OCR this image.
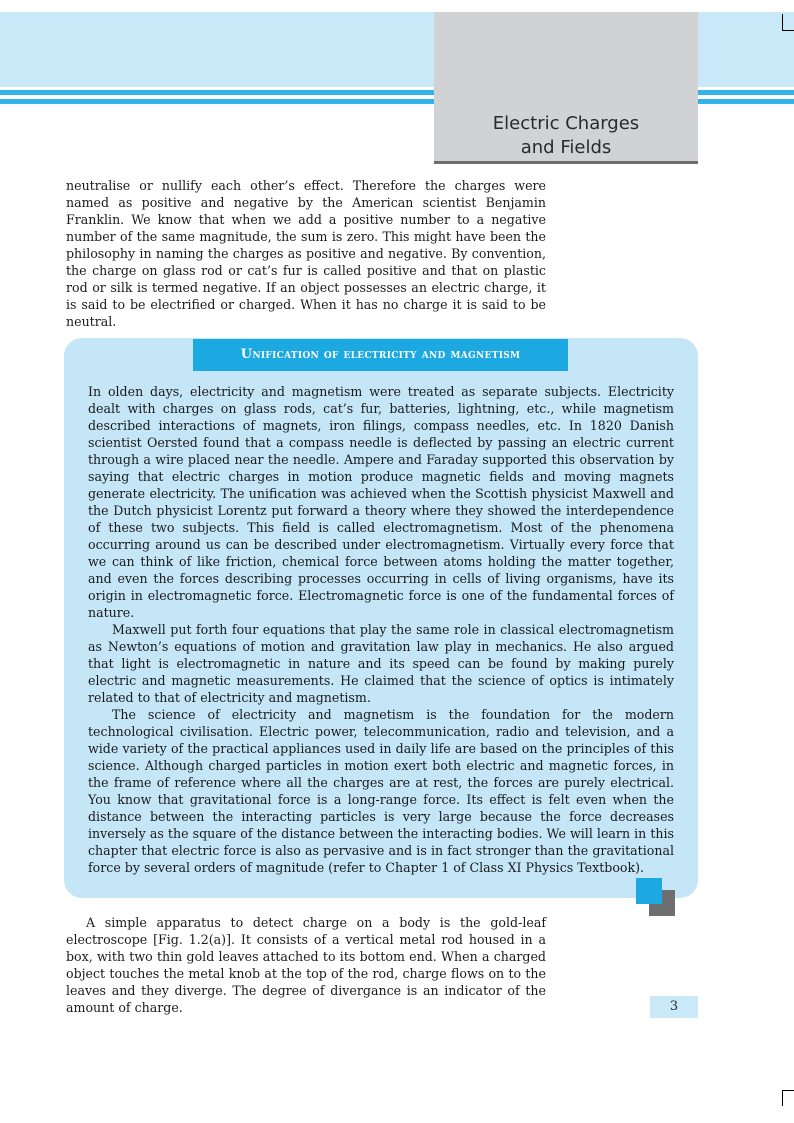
Electric Charges
and Fields

neutralise or nullify each other’s effect. Therefore the charges were named as positive and negative by the American scientist Benjamin Franklin. We know that when we add a positive number to a negative number of the same magnitude, the sum is zero. This might have been the philosophy in naming the charges as positive and negative. By convention, the charge on glass rod or cat’s fur is called positive and that on plastic rod or silk is termed negative. If an object possesses an electric charge, it is said to be electrified or charged. When it has no charge it is said to be neutral.

Unification of electricity and magnetism

In olden days, electricity and magnetism were treated as separate subjects. Electricity dealt with charges on glass rods, cat’s fur, batteries, lightning, etc., while magnetism described interactions of magnets, iron filings, compass needles, etc. In 1820 Danish scientist Oersted found that a compass needle is deflected by passing an electric current through a wire placed near the needle. Ampere and Faraday supported this observation by saying that electric charges in motion produce magnetic fields and moving magnets generate electricity. The unification was achieved when the Scottish physicist Maxwell and the Dutch physicist Lorentz put forward a theory where they showed the interdependence of these two subjects. This field is called electromagnetism. Most of the phenomena occurring around us can be described under electromagnetism. Virtually every force that we can think of like friction, chemical force between atoms holding the matter together, and even the forces describing processes occurring in cells of living organisms, have its origin in electromagnetic force. Electromagnetic force is one of the fundamental forces of nature.

Maxwell put forth four equations that play the same role in classical electromagnetism as Newton’s equations of motion and gravitation law play in mechanics. He also argued that light is electromagnetic in nature and its speed can be found by making purely electric and magnetic measurements. He claimed that the science of optics is intimately related to that of electricity and magnetism.

The science of electricity and magnetism is the foundation for the modern technological civilisation. Electric power, telecommunication, radio and television, and a wide variety of the practical appliances used in daily life are based on the principles of this science. Although charged particles in motion exert both electric and magnetic forces, in the frame of reference where all the charges are at rest, the forces are purely electrical. You know that gravitational force is a long-range force. Its effect is felt even when the distance between the interacting particles is very large because the force decreases inversely as the square of the distance between the interacting bodies. We will learn in this chapter that electric force is also as pervasive and is in fact stronger than the gravitational force by several orders of magnitude (refer to Chapter 1 of Class XI Physics Textbook).

A simple apparatus to detect charge on a body is the gold-leaf electroscope [Fig. 1.2(a)]. It consists of a vertical metal rod housed in a box, with two thin gold leaves attached to its bottom end. When a charged object touches the metal knob at the top of the rod, charge flows on to the leaves and they diverge. The degree of divergance is an indicator of the amount of charge.	3
